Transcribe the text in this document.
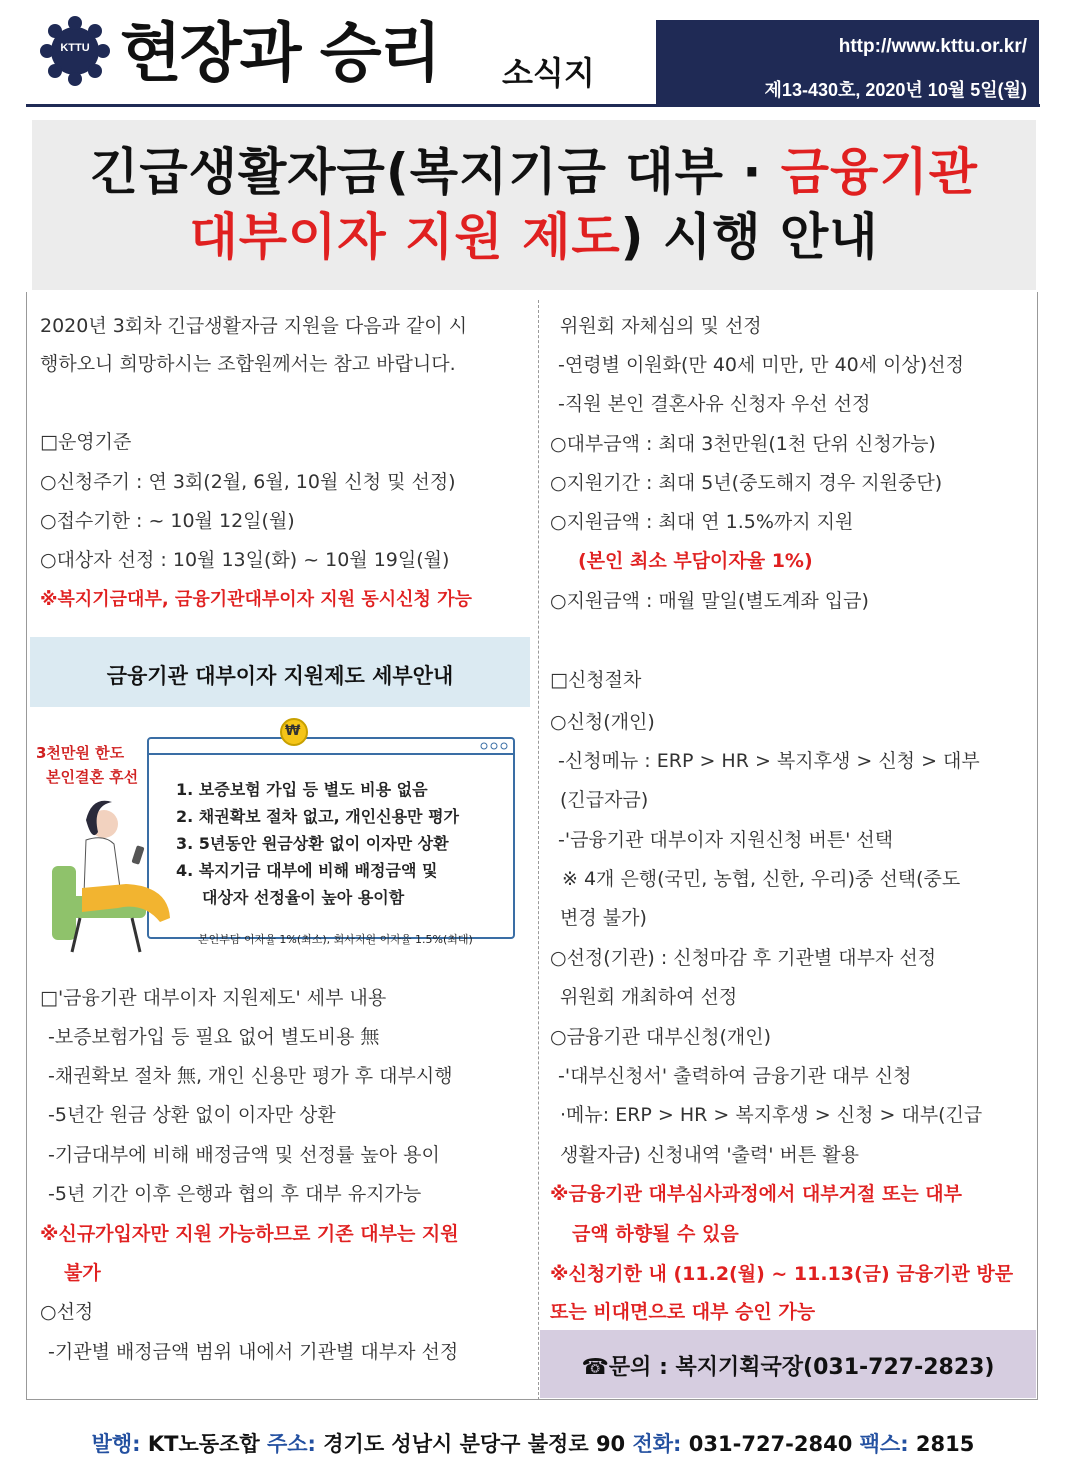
KTTU 현장과 승리 소식지
http://www.kttu.or.kr/
제13-430호, 2020년 10월 5일(월)
긴급생활자금(복지기금 대부 · 금융기관
대부이자 지원 제도) 시행 안내
2020년 3회차 긴급생활자금 지원을 다음과 같이 시
행하오니 희망하시는 조합원께서는 참고 바랍니다.
□운영기준
○신청주기 : 연 3회(2월, 6월, 10월 신청 및 선정)
○접수기한 : ~ 10월 12일(월)
○대상자 선정 : 10월 13일(화) ~ 10월 19일(월)
※복지기금대부, 금융기관대부이자 지원 동시신청 가능
금융기관 대부이자 지원제도 세부안내
3천만원 한도
본인결혼 후선
₩
1. 보증보험 가입 등 별도 비용 없음
2. 채권확보 절차 없고, 개인신용만 평가
3. 5년동안 원금상환 없이 이자만 상환
4. 복지기금 대부에 비해 배정금액 및
대상자 선정율이 높아 용이함
본인부담 이자율 1%(최소), 회사지원 이자율 1.5%(최대)
□'금융기관 대부이자 지원제도' 세부 내용
-보증보험가입 등 필요 없어 별도비용 無
-채권확보 절차 無, 개인 신용만 평가 후 대부시행
-5년간 원금 상환 없이 이자만 상환
-기금대부에 비해 배정금액 및 선정률 높아 용이
-5년 기간 이후 은행과 협의 후 대부 유지가능
※신규가입자만 지원 가능하므로 기존 대부는 지원
불가
○선정
-기관별 배정금액 범위 내에서 기관별 대부자 선정
위원회 자체심의 및 선정
-연령별 이원화(만 40세 미만, 만 40세 이상)선정
-직원 본인 결혼사유 신청자 우선 선정
○대부금액 : 최대 3천만원(1천 단위 신청가능)
○지원기간 : 최대 5년(중도해지 경우 지원중단)
○지원금액 : 최대 연 1.5%까지 지원
(본인 최소 부담이자율 1%)
○지원금액 : 매월 말일(별도계좌 입금)
□신청절차
○신청(개인)
-신청메뉴 : ERP > HR > 복지후생 > 신청 > 대부
(긴급자금)
-'금융기관 대부이자 지원신청 버튼' 선택
※ 4개 은행(국민, 농협, 신한, 우리)중 선택(중도
변경 불가)
○선정(기관) : 신청마감 후 기관별 대부자 선정
위원회 개최하여 선정
○금융기관 대부신청(개인)
-'대부신청서' 출력하여 금융기관 대부 신청
·메뉴: ERP > HR > 복지후생 > 신청 > 대부(긴급
생활자금) 신청내역 '출력' 버튼 활용
※금융기관 대부심사과정에서 대부거절 또는 대부
금액 하향될 수 있음
※신청기한 내 (11.2(월) ~ 11.13(금) 금융기관 방문
또는 비대면으로 대부 승인 가능
☎문의 : 복지기획국장(031-727-2823)
발행: KT노동조합 주소: 경기도 성남시 분당구 불정로 90 전화: 031-727-2840 팩스: 2815
